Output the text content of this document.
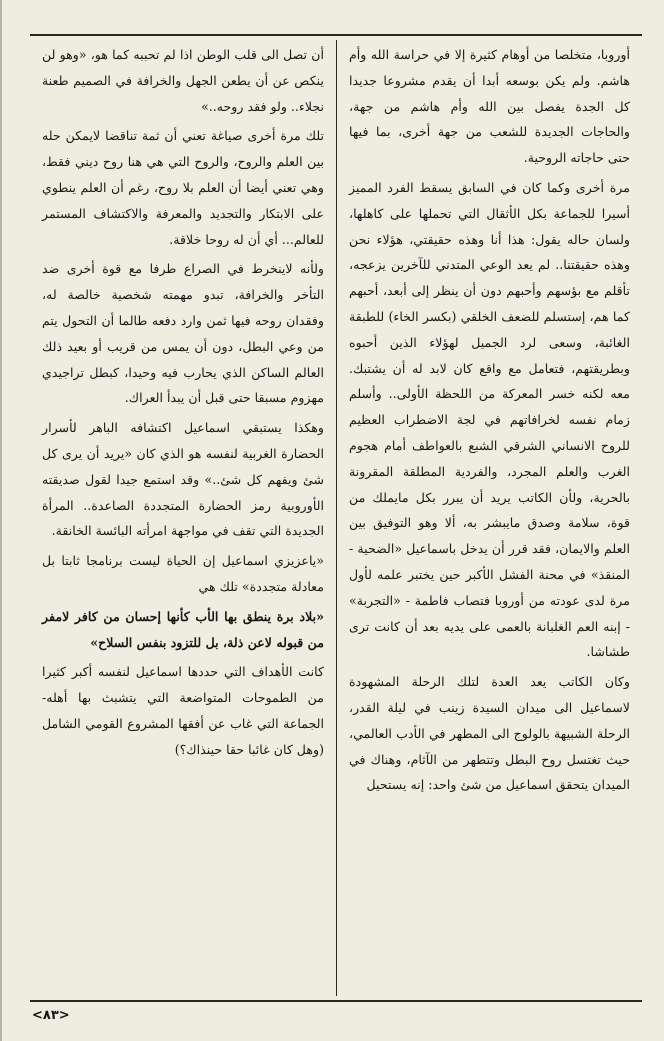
أوروبا، متخلصا من أوهام كثيرة إلا في حراسة الله وأم هاشم. ولم يكن بوسعه أبدا أن يقدم مشروعا جديدا كل الجدة يفصل بين الله وأم هاشم من جهة، والحاجات الجديدة للشعب من جهة أخرى، بما فيها حتى حاجاته الروحية.

مرة أخرى وكما كان في السابق يسقط الفرد المميز أسيرا للجماعة بكل الأثقال التي تحملها على كاهلها، ولسان حاله يقول: هذا أنا وهذه حقيقتي، هؤلاء نحن وهذه حقيقتنا.. لم يعد الوعي المتدني للآخرين يزعجه، تأقلم مع بؤسهم وأحبهم دون أن ينظر إلى أبعد، أحبهم كما هم، إستسلم للضعف الخلقي (بكسر الخاء) للطبقة الغائبة، وسعى لرد الجميل لهؤلاء الذين أحبوه وبطريقتهم، فتعامل مع واقع كان لابد له أن يشتبك. معه لكنه خسر المعركة من اللحظة الأولى.. وأسلم زمام نفسه لخرافاتهم في لجة الاضطراب العظيم للروح الانساني الشرقي الشبع بالعواطف أمام هجوم الغرب والعلم المجرد، والفردية المطلقة المقرونة بالحرية، ولأن الكاتب يريد أن يبرر بكل مايملك من قوة، سلامة وصدق مايبشر به، ألا وهو التوفيق بين العلم والايمان، فقد قرر أن يدخل باسماعيل «الضحية - المنقذ» في محنة الفشل الأكبر حين يختبر علمه لأول مرة لدى عودته من أوروبا فتصاب فاطمة - «التجربة» - إبنه العم الغلبانة بالعمى على يديه بعد أن كانت ترى طشاشا.

وكان الكاتب يعد العدة لتلك الرحلة المشهودة لاسماعيل الى ميدان السيدة زينب في ليلة القدر، الرحلة الشبيهة بالولوج الى المطهر في الأدب العالمي، حيث تغتسل روح البطل وتتطهر من الآثام، وهناك في الميدان يتحقق اسماعيل من شئ واحد: إنه يستحيل

أن تصل الى قلب الوطن اذا لم تحببه كما هو، «وهو لن ينكص عن أن يطعن الجهل والخرافة في الصميم طعنة نجلاء.. ولو فقد روحه..»

تلك مرة أخرى صياغة تعني أن ثمة تناقضا لايمكن حله بين العلم والروح، والروح التي هي هنا روح ديني فقط، وهي تعني أيضا أن العلم بلا روح، رغم أن العلم ينطوي على الابتكار والتجديد والمعرفة والاكتشاف المستمر للعالم... أي أن له روحا خلاقة.

ولأنه لاينخرط في الصراع طرفا مع قوة أخرى ضد التأخر والخرافة، تبدو مهمته شخصية خالصة له، وفقدان روحه فيها ثمن وارد دفعه طالما أن التحول يتم من وعي البطل، دون أن يمس من قريب أو بعيد ذلك العالم الساكن الذي يحارب فيه وحيدا، كبطل تراجيدي مهزوم مسبقا حتى قبل أن يبدأ العراك.

وهكذا يستبقي اسماعيل اكتشافه الباهر لأسرار الحضارة الغربية لنفسه هو الذي كان «يريد أن يرى كل شئ ويفهم كل شئ..» وقد استمع جيدا لقول صديقته الأوروبية رمز الحضارة المتجددة الصاعدة.. المرأة الجديدة التي تقف في مواجهة امرأته البائسة الخانقة.

«ياعزيزي اسماعيل إن الحياة ليست برنامجا ثابتا بل معادلة متجددة» تلك هي

«بلاد برة ينطق بها الأب كأنها إحسان من كافر لامفر من قبوله لاعن ذلة، بل للتزود بنفس السلاح»

كانت الأهداف التي حددها اسماعيل لنفسه أكبر كثيرا من الطموحات المتواضعة التي يتشبث بها أهله- الجماعة التي غاب عن أفقها المشروع القومي الشامل (وهل كان غائبا حقا حينذاك؟)

<٨٣>
